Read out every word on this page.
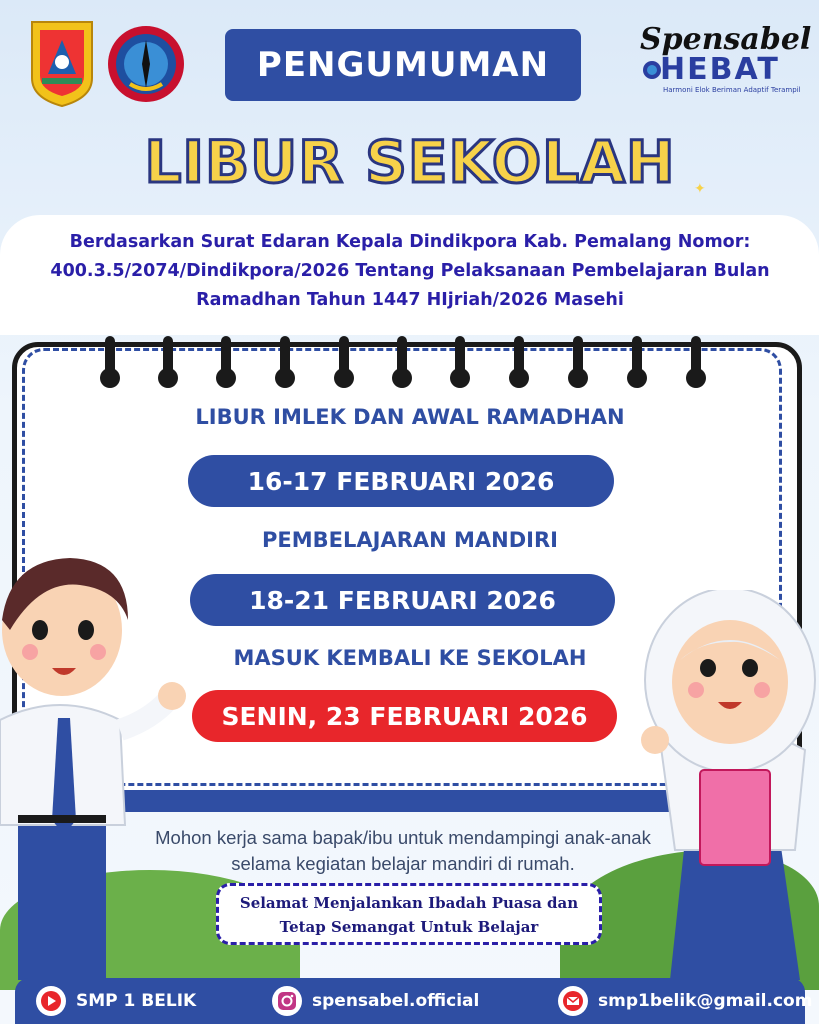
PENGUMUMAN
LIBUR SEKOLAH
Spensabel
HEBAT
Harmoni Elok Beriman Adaptif Terampil
✦
Berdasarkan Surat Edaran Kepala Dindikpora Kab. Pemalang Nomor:
400.3.5/2074/Dindikpora/2026 Tentang Pelaksanaan Pembelajaran Bulan
Ramadhan Tahun 1447 HIjriah/2026 Masehi
LIBUR IMLEK DAN AWAL RAMADHAN
16-17 FEBRUARI 2026
PEMBELAJARAN MANDIRI
18-21 FEBRUARI 2026
MASUK KEMBALI KE SEKOLAH
SENIN, 23 FEBRUARI 2026
Mohon kerja sama bapak/ibu untuk mendampingi anak-anak
selama kegiatan belajar mandiri di rumah.
Selamat Menjalankan Ibadah Puasa dan
Tetap Semangat Untuk Belajar
SMP 1 BELIK	spensabel.official	smp1belik@gmail.com
